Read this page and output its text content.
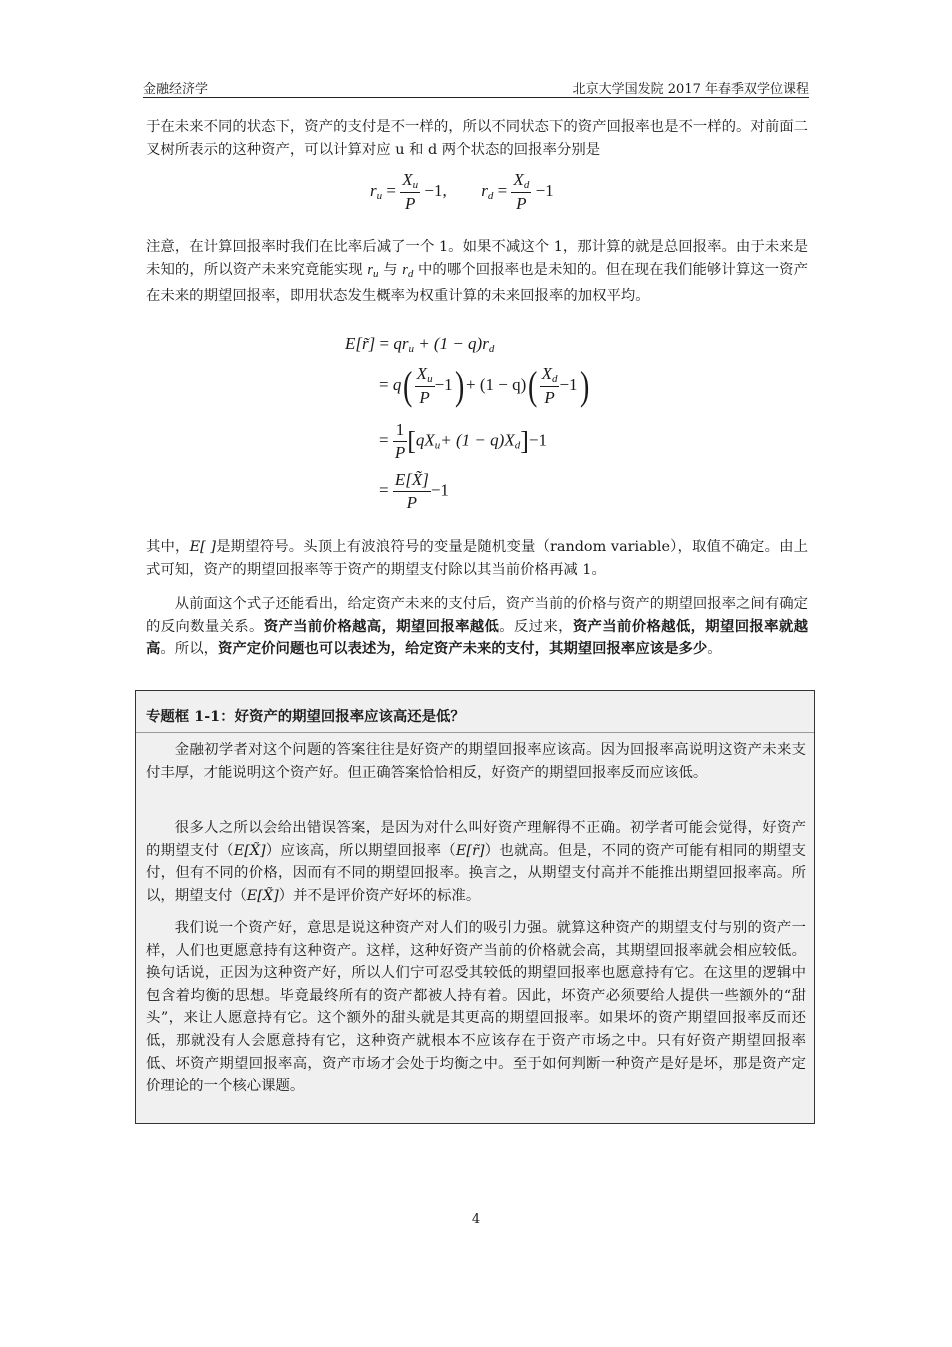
金融经济学	北京大学国发院 2017 年春季双学位课程

于在未来不同的状态下，资产的支付是不一样的，所以不同状态下的资产回报率也是不一样的。对前面二叉树所表示的这种资产，可以计算对应 u 和 d 两个状态的回报率分别是

$r_u = \frac{X_u}{P} -1$, $r_d = \frac{X_d}{P} -1$

注意，在计算回报率时我们在比率后减了一个 1。如果不减这个 1，那计算的就是总回报率。由于未来是未知的，所以资产未来究竟能实现 $r_u$ 与 $r_d$ 中的哪个回报率也是未知的。但在现在我们能够计算这一资产在未来的期望回报率，即用状态发生概率为权重计算的未来回报率的加权平均。

E[r̃] = $qr_u + (1 - q)r_d$
= $q( \frac{X_u}{P} -1) + (1 - q)( \frac{X_d}{P} -1)$
= $\frac{1}{P} [qX_u+ (1 - q)X_d]-1$
= $\frac{E[X̃]}{P} -1$

其中，E[ ]是期望符号。头顶上有波浪符号的变量是随机变量（random variable），取值不确定。由上式可知，资产的期望回报率等于资产的期望支付除以其当前价格再减 1。

从前面这个式子还能看出，给定资产未来的支付后，资产当前的价格与资产的期望回报率之间有确定的反向数量关系。资产当前价格越高，期望回报率越低。反过来，资产当前价格越低，期望回报率就越高。所以，资产定价问题也可以表述为，给定资产未来的支付，其期望回报率应该是多少。

专题框 1-1：好资产的期望回报率应该高还是低？

金融初学者对这个问题的答案往往是好资产的期望回报率应该高。因为回报率高说明这资产未来支付丰厚，才能说明这个资产好。但正确答案恰恰相反，好资产的期望回报率反而应该低。

很多人之所以会给出错误答案，是因为对什么叫好资产理解得不正确。初学者可能会觉得，好资产的期望支付（E[X̃]）应该高，所以期望回报率（E[r̃]）也就高。但是，不同的资产可能有相同的期望支付，但有不同的价格，因而有不同的期望回报率。换言之，从期望支付高并不能推出期望回报率高。所以，期望支付（E[X̃]）并不是评价资产好坏的标准。

我们说一个资产好，意思是说这种资产对人们的吸引力强。就算这种资产的期望支付与别的资产一样，人们也更愿意持有这种资产。这样，这种好资产当前的价格就会高，其期望回报率就会相应较低。换句话说，正因为这种资产好，所以人们宁可忍受其较低的期望回报率也愿意持有它。在这里的逻辑中包含着均衡的思想。毕竟最终所有的资产都被人持有着。因此，坏资产必须要给人提供一些额外的“甜头”，来让人愿意持有它。这个额外的甜头就是其更高的期望回报率。如果坏的资产期望回报率反而还低，那就没有人会愿意持有它，这种资产就根本不应该存在于资产市场之中。只有好资产期望回报率低、坏资产期望回报率高，资产市场才会处于均衡之中。至于如何判断一种资产是好是坏，那是资产定价理论的一个核心课题。

4
